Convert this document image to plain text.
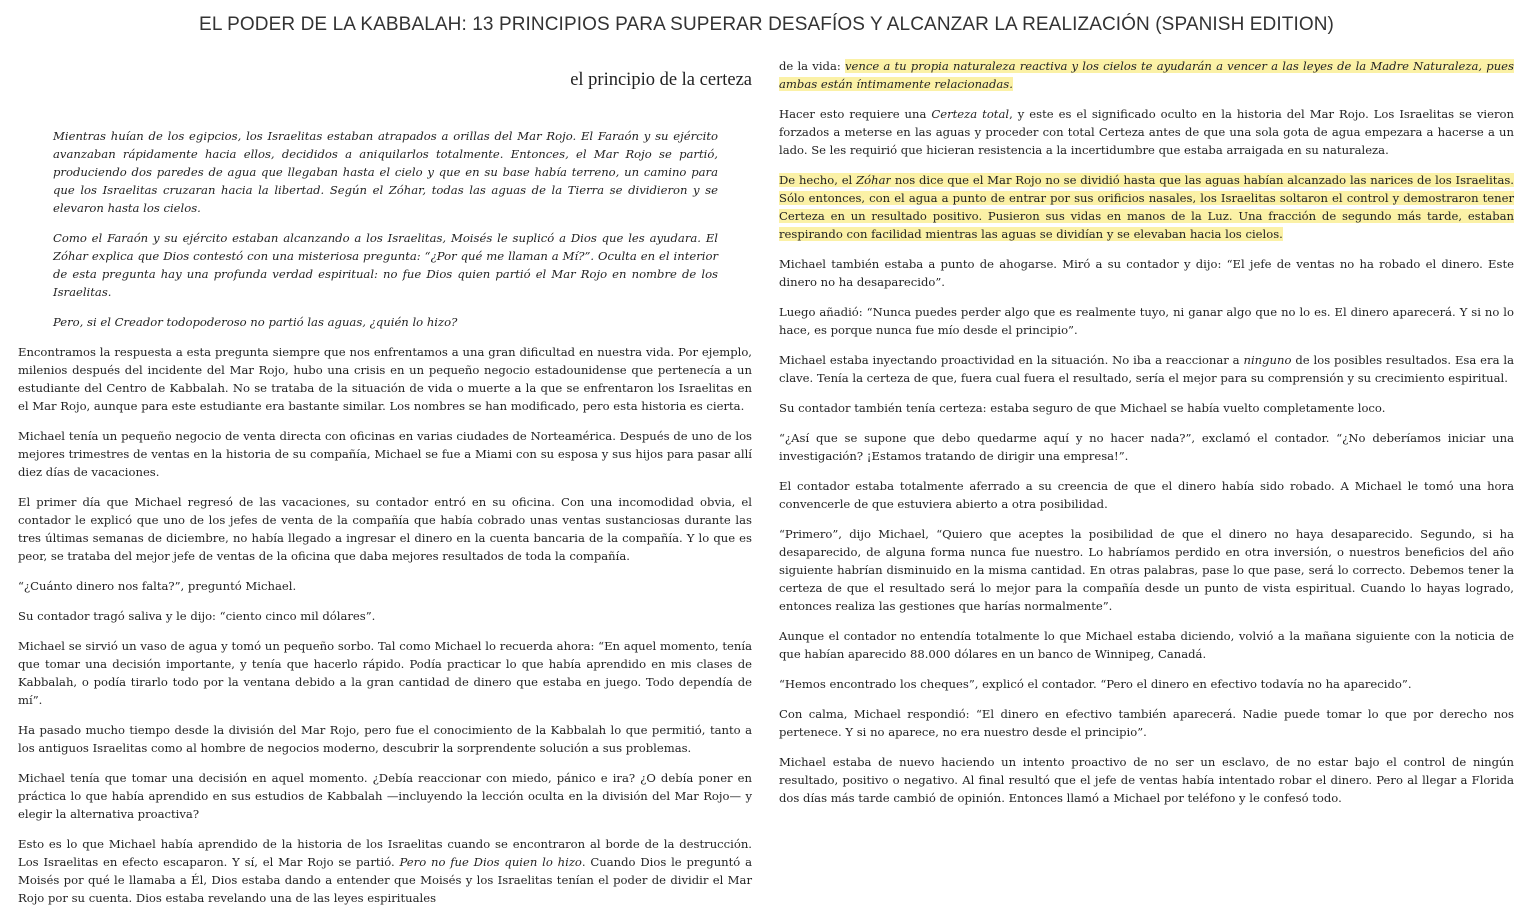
EL PODER DE LA KABBALAH: 13 PRINCIPIOS PARA SUPERAR DESAFÍOS Y ALCANZAR LA REALIZACIÓN (SPANISH EDITION)
el principio de la certeza

Mientras huían de los egipcios, los Israelitas estaban atrapados a orillas del Mar Rojo. El Faraón y su ejército avanzaban rápidamente hacia ellos, decididos a aniquilarlos totalmente. Entonces, el Mar Rojo se partió, produciendo dos paredes de agua que llegaban hasta el cielo y que en su base había terreno, un camino para que los Israelitas cruzaran hacia la libertad. Según el Zóhar, todas las aguas de la Tierra se dividieron y se elevaron hasta los cielos.

Como el Faraón y su ejército estaban alcanzando a los Israelitas, Moisés le suplicó a Dios que les ayudara. El Zóhar explica que Dios contestó con una misteriosa pregunta: “¿Por qué me llaman a Mí?”. Oculta en el interior de esta pregunta hay una profunda verdad espiritual: no fue Dios quien partió el Mar Rojo en nombre de los Israelitas.

Pero, si el Creador todopoderoso no partió las aguas, ¿quién lo hizo?

Encontramos la respuesta a esta pregunta siempre que nos enfrentamos a una gran dificultad en nuestra vida. Por ejemplo, milenios después del incidente del Mar Rojo, hubo una crisis en un pequeño negocio estadounidense que pertenecía a un estudiante del Centro de Kabbalah. No se trataba de la situación de vida o muerte a la que se enfrentaron los Israelitas en el Mar Rojo, aunque para este estudiante era bastante similar. Los nombres se han modificado, pero esta historia es cierta.

Michael tenía un pequeño negocio de venta directa con oficinas en varias ciudades de Norteamérica. Después de uno de los mejores trimestres de ventas en la historia de su compañía, Michael se fue a Miami con su esposa y sus hijos para pasar allí diez días de vacaciones.

El primer día que Michael regresó de las vacaciones, su contador entró en su oficina. Con una incomodidad obvia, el contador le explicó que uno de los jefes de venta de la compañía que había cobrado unas ventas sustanciosas durante las tres últimas semanas de diciembre, no había llegado a ingresar el dinero en la cuenta bancaria de la compañía. Y lo que es peor, se trataba del mejor jefe de ventas de la oficina que daba mejores resultados de toda la compañía.

“¿Cuánto dinero nos falta?”, preguntó Michael.

Su contador tragó saliva y le dijo: “ciento cinco mil dólares”.

Michael se sirvió un vaso de agua y tomó un pequeño sorbo. Tal como Michael lo recuerda ahora: “En aquel momento, tenía que tomar una decisión importante, y tenía que hacerlo rápido. Podía practicar lo que había aprendido en mis clases de Kabbalah, o podía tirarlo todo por la ventana debido a la gran cantidad de dinero que estaba en juego. Todo dependía de mí”.

Ha pasado mucho tiempo desde la división del Mar Rojo, pero fue el conocimiento de la Kabbalah lo que permitió, tanto a los antiguos Israelitas como al hombre de negocios moderno, descubrir la sorprendente solución a sus problemas.

Michael tenía que tomar una decisión en aquel momento. ¿Debía reaccionar con miedo, pánico e ira? ¿O debía poner en práctica lo que había aprendido en sus estudios de Kabbalah —incluyendo la lección oculta en la división del Mar Rojo— y elegir la alternativa proactiva?

Esto es lo que Michael había aprendido de la historia de los Israelitas cuando se encontraron al borde de la destrucción. Los Israelitas en efecto escaparon. Y sí, el Mar Rojo se partió. Pero no fue Dios quien lo hizo. Cuando Dios le preguntó a Moisés por qué le llamaba a Él, Dios estaba dando a entender que Moisés y los Israelitas tenían el poder de dividir el Mar Rojo por su cuenta. Dios estaba revelando una de las leyes espirituales

de la vida: vence a tu propia naturaleza reactiva y los cielos te ayudarán a vencer a las leyes de la Madre Naturaleza, pues ambas están íntimamente relacionadas.

Hacer esto requiere una Certeza total, y este es el significado oculto en la historia del Mar Rojo. Los Israelitas se vieron forzados a meterse en las aguas y proceder con total Certeza antes de que una sola gota de agua empezara a hacerse a un lado. Se les requirió que hicieran resistencia a la incertidumbre que estaba arraigada en su naturaleza.

De hecho, el Zóhar nos dice que el Mar Rojo no se dividió hasta que las aguas habían alcanzado las narices de los Israelitas. Sólo entonces, con el agua a punto de entrar por sus orificios nasales, los Israelitas soltaron el control y demostraron tener Certeza en un resultado positivo. Pusieron sus vidas en manos de la Luz. Una fracción de segundo más tarde, estaban respirando con facilidad mientras las aguas se dividían y se elevaban hacia los cielos.

Michael también estaba a punto de ahogarse. Miró a su contador y dijo: “El jefe de ventas no ha robado el dinero. Este dinero no ha desaparecido”.

Luego añadió: “Nunca puedes perder algo que es realmente tuyo, ni ganar algo que no lo es. El dinero aparecerá. Y si no lo hace, es porque nunca fue mío desde el principio”.

Michael estaba inyectando proactividad en la situación. No iba a reaccionar a ninguno de los posibles resultados. Esa era la clave. Tenía la certeza de que, fuera cual fuera el resultado, sería el mejor para su comprensión y su crecimiento espiritual.

Su contador también tenía certeza: estaba seguro de que Michael se había vuelto completamente loco.

“¿Así que se supone que debo quedarme aquí y no hacer nada?”, exclamó el contador. “¿No deberíamos iniciar una investigación? ¡Estamos tratando de dirigir una empresa!”.

El contador estaba totalmente aferrado a su creencia de que el dinero había sido robado. A Michael le tomó una hora convencerle de que estuviera abierto a otra posibilidad.

“Primero”, dijo Michael, “Quiero que aceptes la posibilidad de que el dinero no haya desaparecido. Segundo, si ha desaparecido, de alguna forma nunca fue nuestro. Lo habríamos perdido en otra inversión, o nuestros beneficios del año siguiente habrían disminuido en la misma cantidad. En otras palabras, pase lo que pase, será lo correcto. Debemos tener la certeza de que el resultado será lo mejor para la compañía desde un punto de vista espiritual. Cuando lo hayas logrado, entonces realiza las gestiones que harías normalmente”.

Aunque el contador no entendía totalmente lo que Michael estaba diciendo, volvió a la mañana siguiente con la noticia de que habían aparecido 88.000 dólares en un banco de Winnipeg, Canadá.

“Hemos encontrado los cheques”, explicó el contador. “Pero el dinero en efectivo todavía no ha aparecido”.

Con calma, Michael respondió: “El dinero en efectivo también aparecerá. Nadie puede tomar lo que por derecho nos pertenece. Y si no aparece, no era nuestro desde el principio”.

Michael estaba de nuevo haciendo un intento proactivo de no ser un esclavo, de no estar bajo el control de ningún resultado, positivo o negativo. Al final resultó que el jefe de ventas había intentado robar el dinero. Pero al llegar a Florida dos días más tarde cambió de opinión. Entonces llamó a Michael por teléfono y le confesó todo.
